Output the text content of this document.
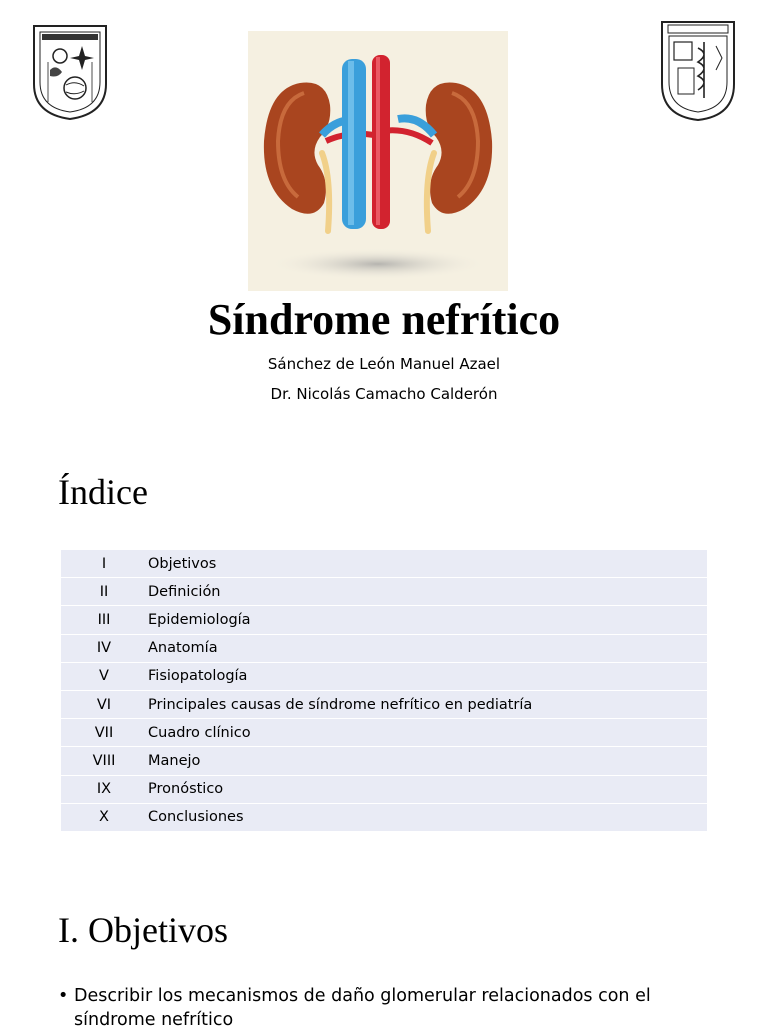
Síndrome nefrítico
Sánchez de León Manuel Azael
Dr. Nicolás Camacho Calderón
Índice
I	Objetivos
II	Definición
III	Epidemiología
IV	Anatomía
V	Fisiopatología
VI	Principales causas de síndrome nefrítico en pediatría
VII	Cuadro clínico
VIII	Manejo
IX	Pronóstico
X	Conclusiones
I. Objetivos
• Describir los mecanismos de daño glomerular relacionados con el síndrome nefrítico
